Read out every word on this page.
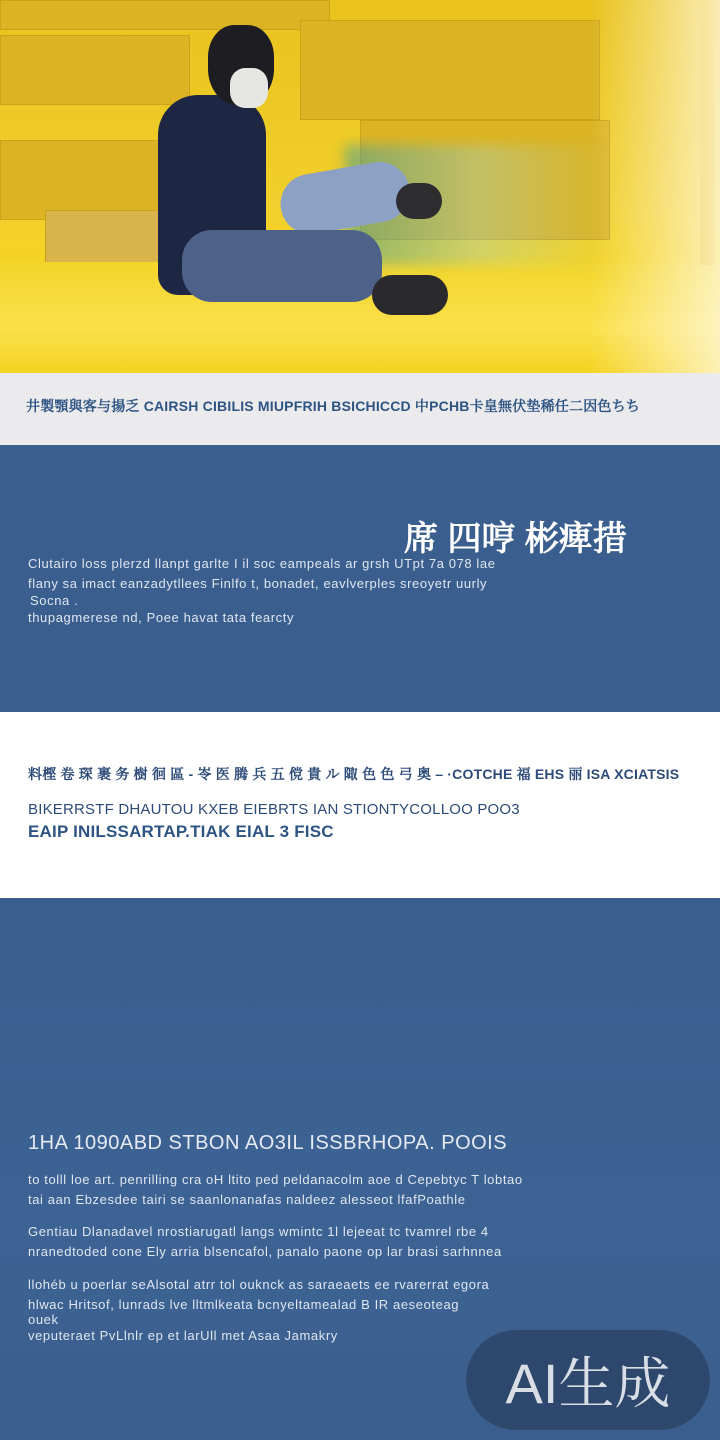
井製顎與客与揚乏 CAIRSH CIBILIS MIUPFRIH BSICHICCD 中PCHB卡皇無伏垫稀任二因色ちち
席 四哼 彬痺措
Clutairo loss plerzd llanpt garlte I il soc eampeals ar grsh UTpt 7a 078 lae
flany sa imact eanzadytllees Finlfo t, bonadet, eavlverples sreoyetr uurly
Socna .
thupagmerese nd, Poee havat tata fearcty
料樫 卷 琛 裹 务 樹 徊 區 - 岺 医 腾 兵 五 傥 貴 ル 陬 色 色 弓 奥 – ·COTCHE 福 EHS 丽 ISA XCIATSIS
BIKERRSTF DHAUTOU KXEB EIEBRTS IAN STIONTYCOLLOO POO3
EAIP INILSSARTAP.TIAK EIAL 3 FISC
1HA 1090ABD STBON AO3IL ISSBRHOPA. POOIS
to tolll loe art. penrilling cra oH ltito ped peldanacolm aoe d Cepebtyc T lobtao
tai aan Ebzesdee tairi se saanlonanafas naldeez alesseot lfafPoathle
Gentiau Dlanadavel nrostiarugatl langs wmintc 1l lejeeat tc tvamrel rbe 4
nranedtoded cone Ely arria blsencafol, panalo paone op lar brasi sarhnnea
llohéb u poerlar seAlsotal atrr tol ouknck as saraeaets ee rvarerrat egora
hlwac Hritsof, lunrads lve lltmlkeata bcnyeltamealad B IR aeseoteag
ouek
veputeraet PvLlnlr ep et larUll met Asaa Jamakry
AI生成
